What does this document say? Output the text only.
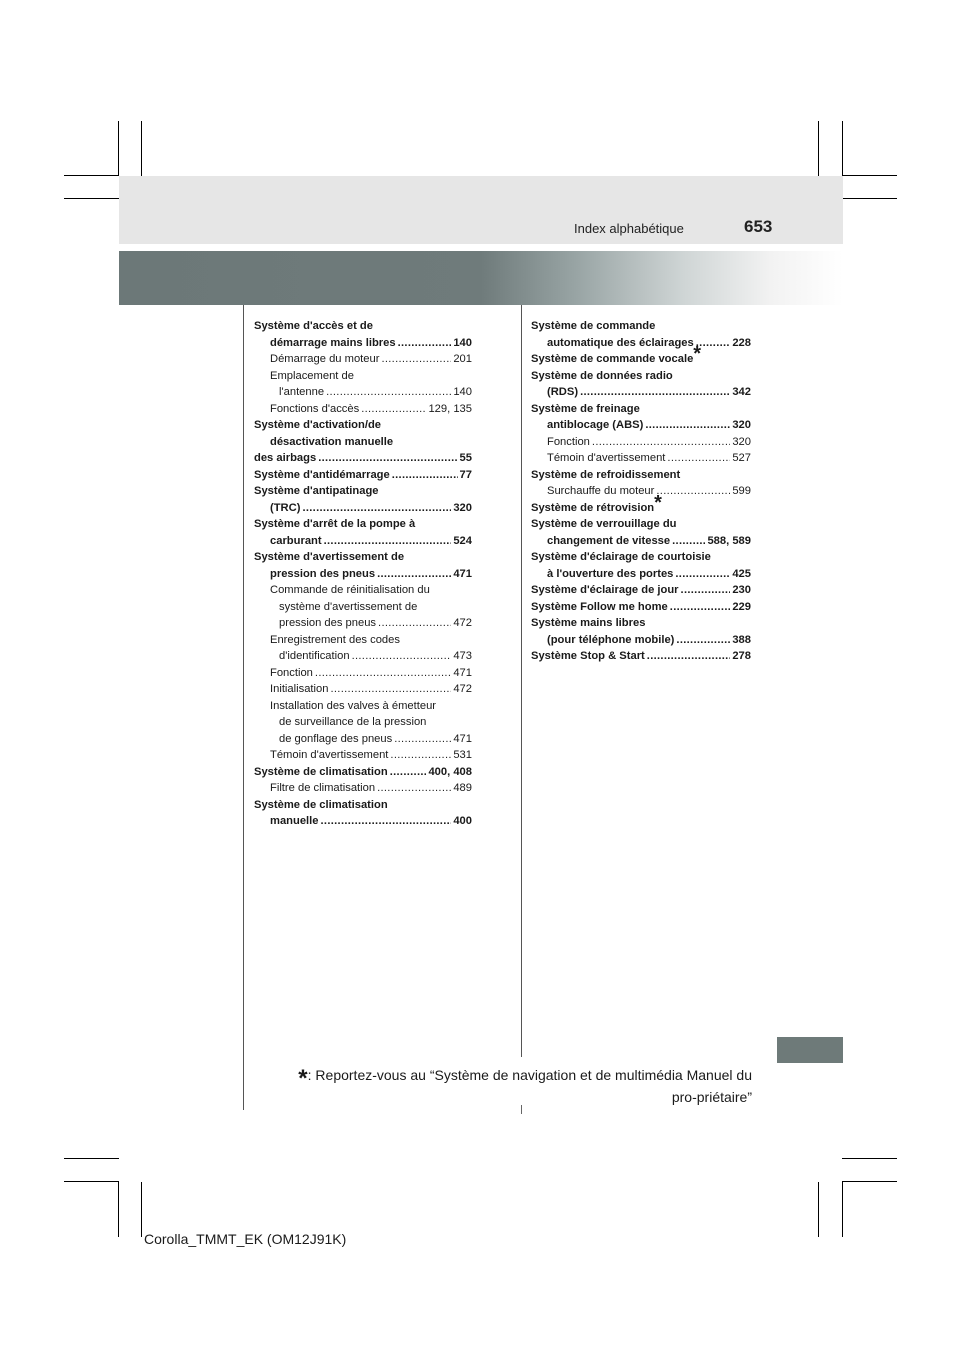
Index alphabétique	653
Système d'accès et de
démarrage mains libres .....	140
Démarrage du moteur .....	201
Emplacement de
l'antenne .....	140
Fonctions d'accès .....	129, 135
Système d'activation/de
désactivation manuelle
des airbags .....	55
Système d'antidémarrage .....	77
Système d'antipatinage
(TRC) .....	320
Système d'arrêt de la pompe à
carburant .....	524
Système d'avertissement de
pression des pneus .....	471
Commande de réinitialisation du
système d'avertissement de
pression des pneus .....	472
Enregistrement des codes
d'identification .....	473
Fonction .....	471
Initialisation .....	472
Installation des valves à émetteur
de surveillance de la pression
de gonflage des pneus .....	471
Témoin d'avertissement .....	531
Système de climatisation .....	400, 408
Filtre de climatisation .....	489
Système de climatisation
manuelle .....	400
Système de commande
automatique des éclairages .....	228
Système de commande vocale*
Système de données radio
(RDS) .....	342
Système de freinage
antiblocage (ABS) .....	320
Fonction .....	320
Témoin d'avertissement .....	527
Système de refroidissement
Surchauffe du moteur .....	599
Système de rétrovision*
Système de verrouillage du
changement de vitesse .....	588, 589
Système d'éclairage de courtoisie
à l'ouverture des portes .....	425
Système d'éclairage de jour .....	230
Système Follow me home .....	229
Système mains libres
(pour téléphone mobile) .....	388
Système Stop & Start .....	278
*: Reportez-vous au “Système de navigation et de multimédia Manuel du pro-priétaire”
Corolla_TMMT_EK (OM12J91K)
